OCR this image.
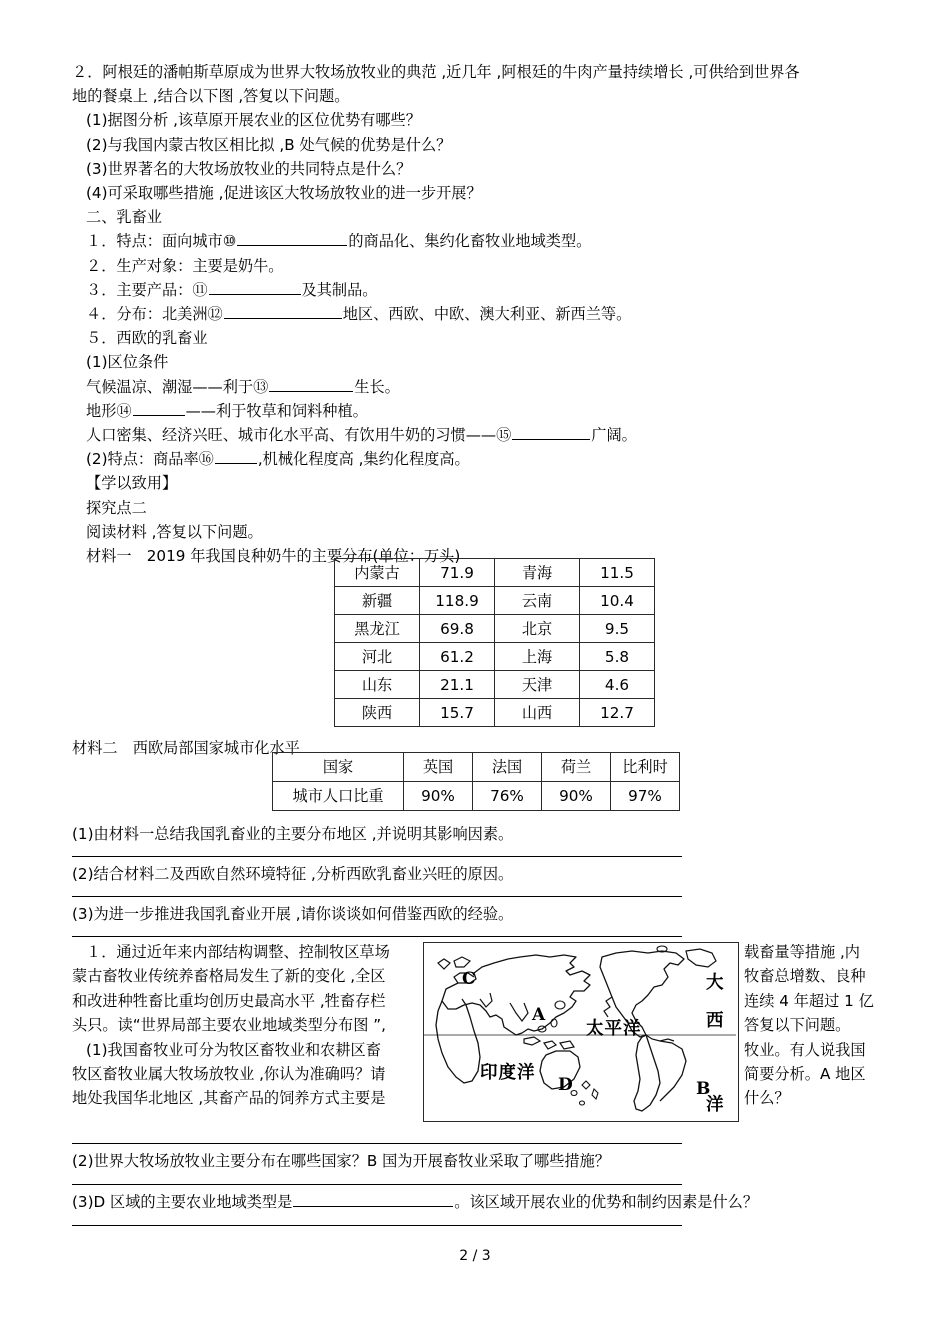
２．阿根廷的潘帕斯草原成为世界大牧场放牧业的典范 ,近几年 ,阿根廷的牛肉产量持续增长 ,可供给到世界各
地的餐桌上 ,结合以下图 ,答复以下问题。
(1)据图分析 ,该草原开展农业的区位优势有哪些？
(2)与我国内蒙古牧区相比拟 ,B 处气候的优势是什么？
(3)世界著名的大牧场放牧业的共同特点是什么？
(4)可采取哪些措施 ,促进该区大牧场放牧业的进一步开展？
二、乳畜业
１．特点：面向城市⑩	的商品化、集约化畜牧业地域类型。
２．生产对象：主要是奶牛。
３．主要产品：⑪	及其制品。
４．分布：北美洲⑫	地区、西欧、中欧、澳大利亚、新西兰等。
５．西欧的乳畜业
(1)区位条件
气候温凉、潮湿——利于⑬	生长。
地形⑭	——利于牧草和饲料种植。
人口密集、经济兴旺、城市化水平高、有饮用牛奶的习惯——⑮	广阔。
(2)特点：商品率⑯	,机械化程度高 ,集约化程度高。
【学以致用】
探究点二
阅读材料 ,答复以下问题。
材料一　2019 年我国良种奶牛的主要分布(单位：万头)
内蒙古	71.9	青海	11.5
新疆	118.9	云南	10.4
黑龙江	69.8	北京	9.5
河北	61.2	上海	5.8
山东	21.1	天津	4.6
陕西	15.7	山西	12.7
材料二　西欧局部国家城市化水平
国家	英国	法国	荷兰	比利时
城市人口比重	90%	76%	90%	97%
(1)由材料一总结我国乳畜业的主要分布地区 ,并说明其影响因素。
(2)结合材料二及西欧自然环境特征 ,分析西欧乳畜业兴旺的原因。
(3)为进一步推进我国乳畜业开展 ,请你谈谈如何借鉴西欧的经验。
１．通过近年来内部结构调整、控制牧区草场
蒙古畜牧业传统养畜格局发生了新的变化 ,全区
和改进种牲畜比重均创历史最高水平 ,牲畜存栏
头只。读“世界局部主要农业地域类型分布图 ”,
(1)我国畜牧业可分为牧区畜牧业和农耕区畜
牧区畜牧业属大牧场放牧业 ,你认为准确吗？请
地处我国华北地区 ,其畜产品的饲养方式主要是
A
B
C
D
太平洋
印度洋
大
西
洋
载畜量等措施 ,内
牧畜总增数、良种
连续 4 年超过 1 亿
答复以下问题。
牧业。有人说我国
简要分析。A 地区
什么？
(2)世界大牧场放牧业主要分布在哪些国家？B 国为开展畜牧业采取了哪些措施？
(3)D 区域的主要农业地域类型是	。该区域开展农业的优势和制约因素是什么？
2 / 3
